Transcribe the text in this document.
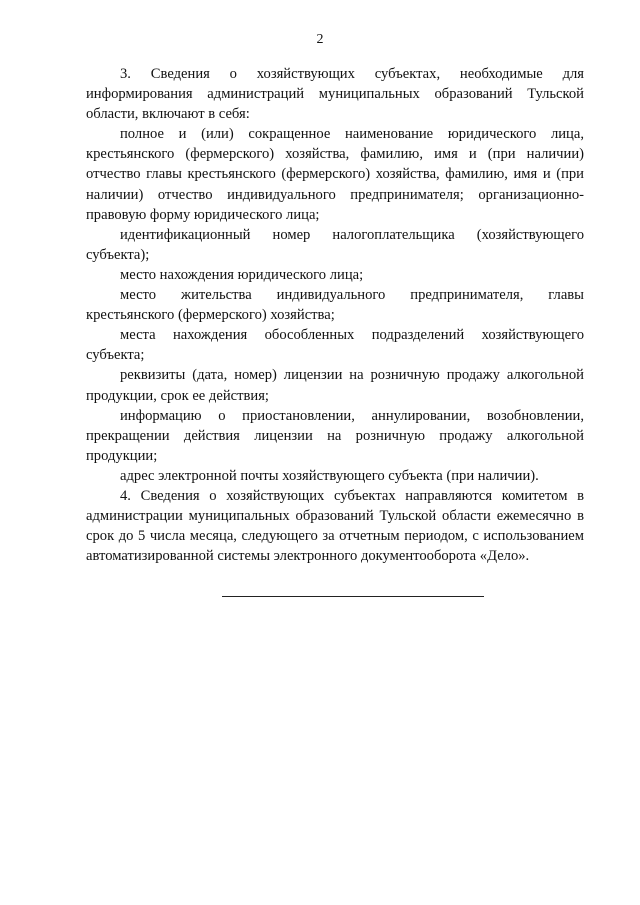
2

3. Сведения о хозяйствующих субъектах, необходимые для информирования администраций муниципальных образований Тульской области, включают в себя:

полное и (или) сокращенное наименование юридического лица, крестьянского (фермерского) хозяйства, фамилию, имя и (при наличии) отчество главы крестьянского (фермерского) хозяйства, фамилию, имя и (при наличии) отчество индивидуального предпринимателя; организационно-правовую форму юридического лица;

идентификационный номер налогоплательщика (хозяйствующего субъекта);

место нахождения юридического лица;

место жительства индивидуального предпринимателя, главы крестьянского (фермерского) хозяйства;

места нахождения обособленных подразделений хозяйствующего субъекта;

реквизиты (дата, номер) лицензии на розничную продажу алкогольной продукции, срок ее действия;

информацию о приостановлении, аннулировании, возобновлении, прекращении действия лицензии на розничную продажу алкогольной продукции;

адрес электронной почты хозяйствующего субъекта (при наличии).

4. Сведения о хозяйствующих субъектах направляются комитетом в администрации муниципальных образований Тульской области ежемесячно в срок до 5 числа месяца, следующего за отчетным периодом, с использованием автоматизированной системы электронного документооборота «Дело».
